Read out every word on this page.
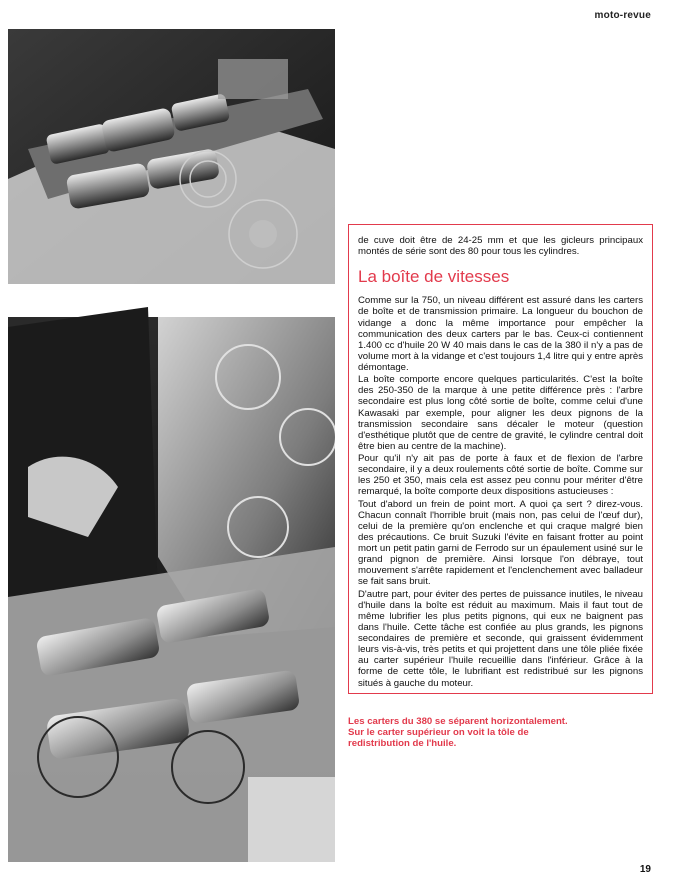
moto-revue

de cuve doit être de 24-25 mm et que les gicleurs principaux montés de série sont des 80 pour tous les cylindres.

La boîte de vitesses

Comme sur la 750, un niveau différent est assuré dans les carters de boîte et de transmission primaire. La longueur du bouchon de vidange a donc la même importance pour empêcher la communication des deux carters par le bas. Ceux-ci contiennent 1.400 cc d'huile 20 W 40 mais dans le cas de la 380 il n'y a pas de volume mort à la vidange et c'est toujours 1,4 litre qui y entre après démontage.

La boîte comporte encore quelques particularités. C'est la boîte des 250-350 de la marque à une petite différence près : l'arbre secondaire est plus long côté sortie de boîte, comme celui d'une Kawasaki par exemple, pour aligner les deux pignons de la transmission secondaire sans décaler le moteur (question d'esthétique plutôt que de centre de gravité, le cylindre central doit être bien au centre de la machine).

Pour qu'il n'y ait pas de porte à faux et de flexion de l'arbre secondaire, il y a deux roulements côté sortie de boîte. Comme sur les 250 et 350, mais cela est assez peu connu pour mériter d'être remarqué, la boîte comporte deux dispositions astucieuses :

Tout d'abord un frein de point mort. A quoi ça sert ? direz-vous. Chacun connaît l'horrible bruit (mais non, pas celui de l'œuf dur), celui de la première qu'on enclenche et qui craque malgré bien des précautions. Ce bruit Suzuki l'évite en faisant frotter au point mort un petit patin garni de Ferrodo sur un épaulement usiné sur le grand pignon de première. Ainsi lorsque l'on débraye, tout mouvement s'arrête rapidement et l'enclenchement avec balladeur se fait sans bruit.

D'autre part, pour éviter des pertes de puissance inutiles, le niveau d'huile dans la boîte est réduit au maximum. Mais il faut tout de même lubrifier les plus petits pignons, qui eux ne baignent pas dans l'huile. Cette tâche est confiée au plus grands, les pignons secondaires de première et seconde, qui graissent évidemment leurs vis-à-vis, très petits et qui projettent dans une tôle pliée fixée au carter supérieur l'huile recueillie dans l'inférieur. Grâce à la forme de cette tôle, le lubrifiant est redistribué sur les pignons situés à gauche du moteur.

Les carters du 380 se séparent horizontalement. Sur le carter supérieur on voit la tôle de redistribution de l'huile.
19
